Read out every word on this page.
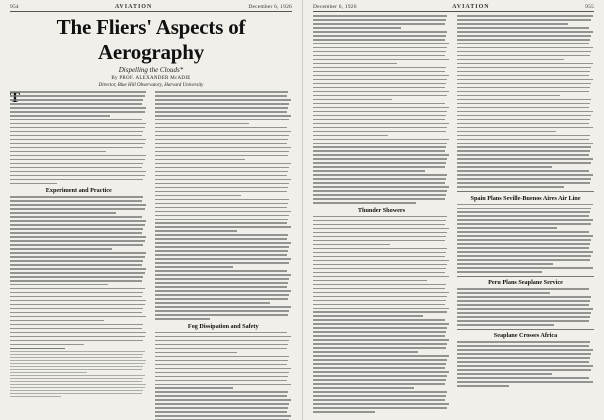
954	AVIATION	December 6, 1926
The Fliers' Aspects of Aerography
Dispelling the Clouds*
By PROF. ALEXANDER McADIE
Director, Blue Hill Observatory, Harvard University
Experiment and Practice
Fog Dissipation and Safety
December 6, 1926	AVIATION	955
Thunder Showers
Spain Plans Seville-Buenos Aires Air Line
Peru Plans Seaplane Service
Seaplane Crosses Africa
